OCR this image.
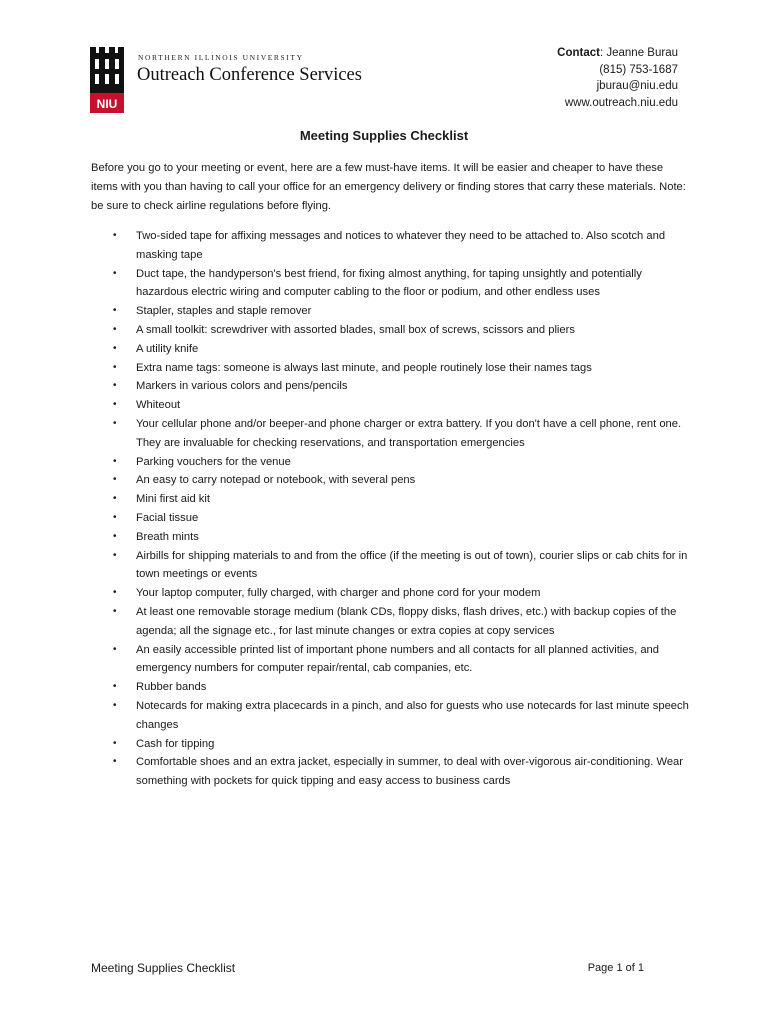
NIU
NORTHERN ILLINOIS UNIVERSITY
Outreach Conference Services
Contact: Jeanne Burau
(815) 753-1687
jburau@niu.edu
www.outreach.niu.edu
Meeting Supplies Checklist

Before you go to your meeting or event, here are a few must-have items. It will be easier and cheaper to have these items with you than having to call your office for an emergency delivery or finding stores that carry these materials. Note: be sure to check airline regulations before flying.

• Two-sided tape for affixing messages and notices to whatever they need to be attached to. Also scotch and masking tape
• Duct tape, the handyperson's best friend, for fixing almost anything, for taping unsightly and potentially hazardous electric wiring and computer cabling to the floor or podium, and other endless uses
• Stapler, staples and staple remover
• A small toolkit: screwdriver with assorted blades, small box of screws, scissors and pliers
• A utility knife
• Extra name tags: someone is always last minute, and people routinely lose their names tags
• Markers in various colors and pens/pencils
• Whiteout
• Your cellular phone and/or beeper-and phone charger or extra battery. If you don't have a cell phone, rent one. They are invaluable for checking reservations, and transportation emergencies
• Parking vouchers for the venue
• An easy to carry notepad or notebook, with several pens
• Mini first aid kit
• Facial tissue
• Breath mints
• Airbills for shipping materials to and from the office (if the meeting is out of town), courier slips or cab chits for in town meetings or events
• Your laptop computer, fully charged, with charger and phone cord for your modem
• At least one removable storage medium (blank CDs, floppy disks, flash drives, etc.) with backup copies of the agenda; all the signage etc., for last minute changes or extra copies at copy services
• An easily accessible printed list of important phone numbers and all contacts for all planned activities, and emergency numbers for computer repair/rental, cab companies, etc.
• Rubber bands
• Notecards for making extra placecards in a pinch, and also for guests who use notecards for last minute speech changes
• Cash for tipping
• Comfortable shoes and an extra jacket, especially in summer, to deal with over-vigorous air-conditioning. Wear something with pockets for quick tipping and easy access to business cards
Meeting Supplies Checklist	Page 1 of 1
